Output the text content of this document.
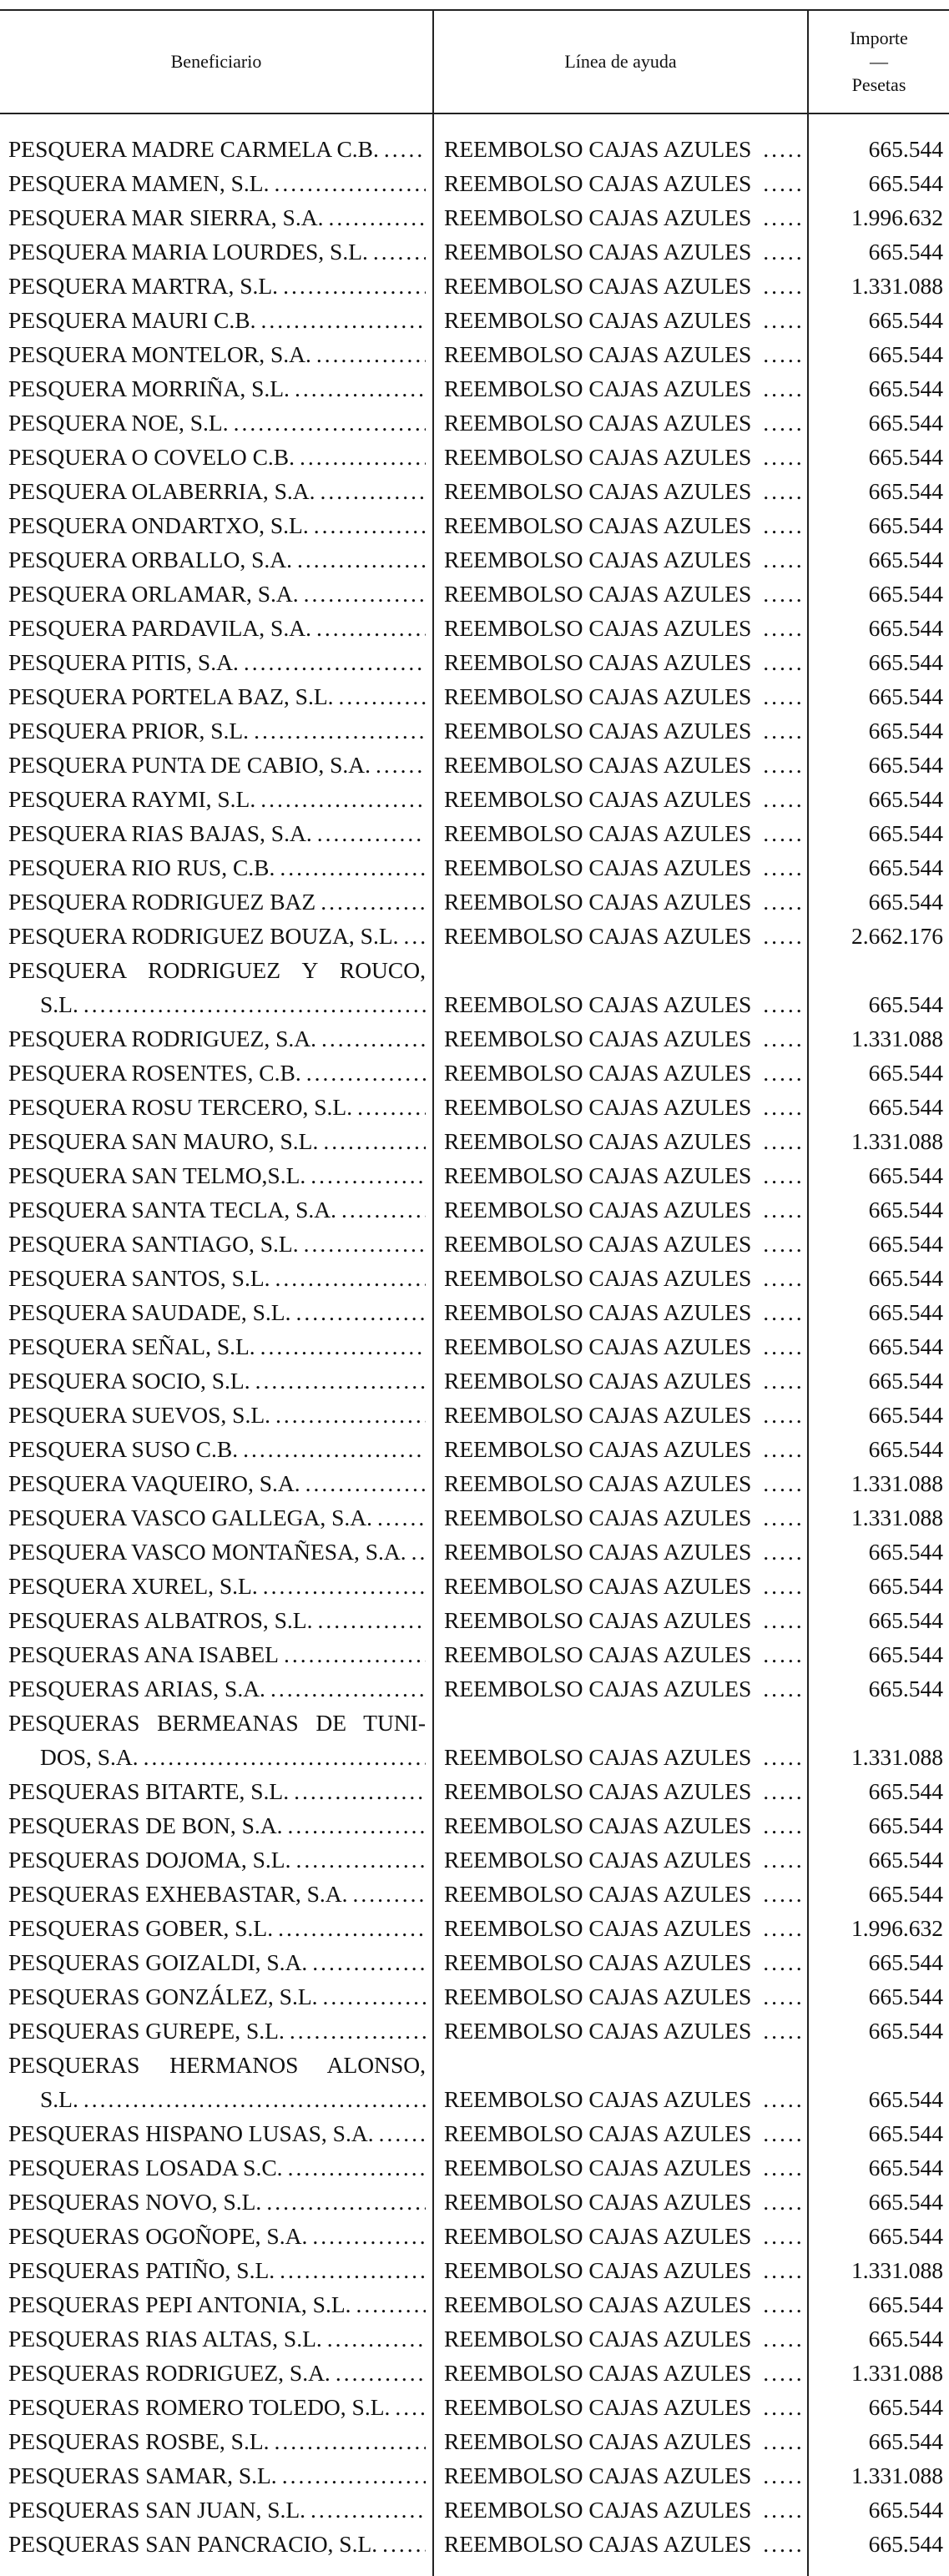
Beneficiario	Línea de ayuda
Importe
—
Pesetas
PESQUERA MADRE CARMELA C.B. .....	REEMBOLSO CAJAS AZULES .....	665.544
PESQUERA MAMEN, S.L. .....	REEMBOLSO CAJAS AZULES .....	665.544
PESQUERA MAR SIERRA, S.A. .....	REEMBOLSO CAJAS AZULES .....	1.996.632
PESQUERA MARIA LOURDES, S.L. .....	REEMBOLSO CAJAS AZULES .....	665.544
PESQUERA MARTRA, S.L. .....	REEMBOLSO CAJAS AZULES .....	1.331.088
PESQUERA MAURI C.B. .....	REEMBOLSO CAJAS AZULES .....	665.544
PESQUERA MONTELOR, S.A. .....	REEMBOLSO CAJAS AZULES .....	665.544
PESQUERA MORRIÑA, S.L. .....	REEMBOLSO CAJAS AZULES .....	665.544
PESQUERA NOE, S.L. .....	REEMBOLSO CAJAS AZULES .....	665.544
PESQUERA O COVELO C.B. .....	REEMBOLSO CAJAS AZULES .....	665.544
PESQUERA OLABERRIA, S.A. .....	REEMBOLSO CAJAS AZULES .....	665.544
PESQUERA ONDARTXO, S.L. .....	REEMBOLSO CAJAS AZULES .....	665.544
PESQUERA ORBALLO, S.A. .....	REEMBOLSO CAJAS AZULES .....	665.544
PESQUERA ORLAMAR, S.A. .....	REEMBOLSO CAJAS AZULES .....	665.544
PESQUERA PARDAVILA, S.A. .....	REEMBOLSO CAJAS AZULES .....	665.544
PESQUERA PITIS, S.A. .....	REEMBOLSO CAJAS AZULES .....	665.544
PESQUERA PORTELA BAZ, S.L. .....	REEMBOLSO CAJAS AZULES .....	665.544
PESQUERA PRIOR, S.L. .....	REEMBOLSO CAJAS AZULES .....	665.544
PESQUERA PUNTA DE CABIO, S.A. .....	REEMBOLSO CAJAS AZULES .....	665.544
PESQUERA RAYMI, S.L. .....	REEMBOLSO CAJAS AZULES .....	665.544
PESQUERA RIAS BAJAS, S.A. .....	REEMBOLSO CAJAS AZULES .....	665.544
PESQUERA RIO RUS, C.B. .....	REEMBOLSO CAJAS AZULES .....	665.544
PESQUERA RODRIGUEZ BAZ .....	REEMBOLSO CAJAS AZULES .....	665.544
PESQUERA RODRIGUEZ BOUZA, S.L. ..... REEMBOLSO CAJAS AZULES .....	2.662.176
PESQUERA RODRIGUEZ Y ROUCO,
S.L. .....	REEMBOLSO CAJAS AZULES .....	665.544
PESQUERA RODRIGUEZ, S.A. .....	REEMBOLSO CAJAS AZULES .....	1.331.088
PESQUERA ROSENTES, C.B. .....	REEMBOLSO CAJAS AZULES .....	665.544
PESQUERA ROSU TERCERO, S.L. .....	REEMBOLSO CAJAS AZULES .....	665.544
PESQUERA SAN MAURO, S.L. .....	REEMBOLSO CAJAS AZULES .....	1.331.088
PESQUERA SAN TELMO,S.L. .....	REEMBOLSO CAJAS AZULES .....	665.544
PESQUERA SANTA TECLA, S.A. .....	REEMBOLSO CAJAS AZULES .....	665.544
PESQUERA SANTIAGO, S.L. .....	REEMBOLSO CAJAS AZULES .....	665.544
PESQUERA SANTOS, S.L. .....	REEMBOLSO CAJAS AZULES .....	665.544
PESQUERA SAUDADE, S.L. .....	REEMBOLSO CAJAS AZULES .....	665.544
PESQUERA SEÑAL, S.L. .....	REEMBOLSO CAJAS AZULES .....	665.544
PESQUERA SOCIO, S.L. .....	REEMBOLSO CAJAS AZULES .....	665.544
PESQUERA SUEVOS, S.L. .....	REEMBOLSO CAJAS AZULES .....	665.544
PESQUERA SUSO C.B. .....	REEMBOLSO CAJAS AZULES .....	665.544
PESQUERA VAQUEIRO, S.A. .....	REEMBOLSO CAJAS AZULES .....	1.331.088
PESQUERA VASCO GALLEGA, S.A. .....	REEMBOLSO CAJAS AZULES .....	1.331.088
PESQUERA VASCO MONTAÑESA, S.A. ..... REEMBOLSO CAJAS AZULES .....	665.544
PESQUERA XUREL, S.L. .....	REEMBOLSO CAJAS AZULES .....	665.544
PESQUERAS ALBATROS, S.L. .....	REEMBOLSO CAJAS AZULES .....	665.544
PESQUERAS ANA ISABEL .....	REEMBOLSO CAJAS AZULES .....	665.544
PESQUERAS ARIAS, S.A. .....	REEMBOLSO CAJAS AZULES .....	665.544
PESQUERAS BERMEANAS DE TUNI-
DOS, S.A. .....	REEMBOLSO CAJAS AZULES .....	1.331.088
PESQUERAS BITARTE, S.L. .....	REEMBOLSO CAJAS AZULES .....	665.544
PESQUERAS DE BON, S.A. .....	REEMBOLSO CAJAS AZULES .....	665.544
PESQUERAS DOJOMA, S.L. .....	REEMBOLSO CAJAS AZULES .....	665.544
PESQUERAS EXHEBASTAR, S.A. .....	REEMBOLSO CAJAS AZULES .....	665.544
PESQUERAS GOBER, S.L. .....	REEMBOLSO CAJAS AZULES .....	1.996.632
PESQUERAS GOIZALDI, S.A. .....	REEMBOLSO CAJAS AZULES .....	665.544
PESQUERAS GONZÁLEZ, S.L. .....	REEMBOLSO CAJAS AZULES .....	665.544
PESQUERAS GUREPE, S.L. .....	REEMBOLSO CAJAS AZULES .....	665.544
PESQUERAS HERMANOS ALONSO,
S.L. .....	REEMBOLSO CAJAS AZULES .....	665.544
PESQUERAS HISPANO LUSAS, S.A. .....	REEMBOLSO CAJAS AZULES .....	665.544
PESQUERAS LOSADA S.C. .....	REEMBOLSO CAJAS AZULES .....	665.544
PESQUERAS NOVO, S.L. .....	REEMBOLSO CAJAS AZULES .....	665.544
PESQUERAS OGOÑOPE, S.A. .....	REEMBOLSO CAJAS AZULES .....	665.544
PESQUERAS PATIÑO, S.L. .....	REEMBOLSO CAJAS AZULES .....	1.331.088
PESQUERAS PEPI ANTONIA, S.L. .....	REEMBOLSO CAJAS AZULES .....	665.544
PESQUERAS RIAS ALTAS, S.L. .....	REEMBOLSO CAJAS AZULES .....	665.544
PESQUERAS RODRIGUEZ, S.A. .....	REEMBOLSO CAJAS AZULES .....	1.331.088
PESQUERAS ROMERO TOLEDO, S.L. ..... REEMBOLSO CAJAS AZULES .....	665.544
PESQUERAS ROSBE, S.L. .....	REEMBOLSO CAJAS AZULES .....	665.544
PESQUERAS SAMAR, S.L. .....	REEMBOLSO CAJAS AZULES .....	1.331.088
PESQUERAS SAN JUAN, S.L. .....	REEMBOLSO CAJAS AZULES .....	665.544
PESQUERAS SAN PANCRACIO, S.L. .....	REEMBOLSO CAJAS AZULES .....	665.544
